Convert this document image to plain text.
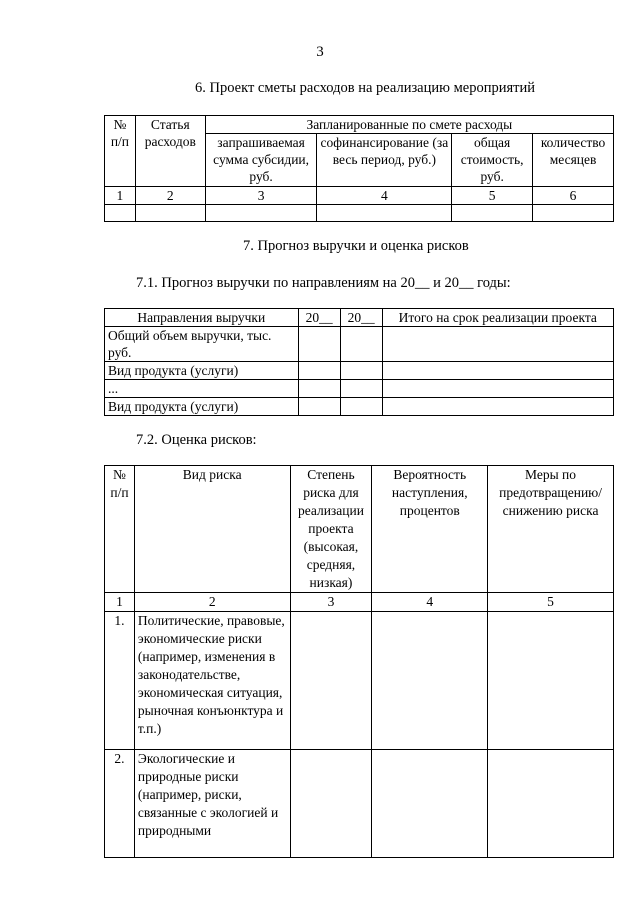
3
6. Проект сметы расходов на реализацию мероприятий
№ п/п	Статья расходов	Запланированные по смете расходы			
		запрашиваемая сумма субсидии, руб.	софинансирование (за весь период, руб.)	общая стоимость, руб.	количество месяцев
1	2	3	4	5	6

7. Прогноз выручки и оценка рисков
7.1. Прогноз выручки по направлениям на 20__ и 20__ годы:
Направления выручки	20__	20__	Итого на срок реализации проекта
Общий объем выручки, тыс. руб.			
Вид продукта (услуги)			
...			
Вид продукта (услуги)			
7.2. Оценка рисков:
№ п/п	Вид риска	Степень риска для реализации проекта (высокая, средняя, низкая)	Вероятность наступления, процентов	Меры по предотвращению/ снижению риска
1	2	3	4	5
1.	Политические, правовые, экономические риски (например, изменения в законодательстве, экономическая ситуация, рыночная конъюнктура и т.п.)			
2.	Экологические и природные риски (например, риски, связанные с экологией и природными			
